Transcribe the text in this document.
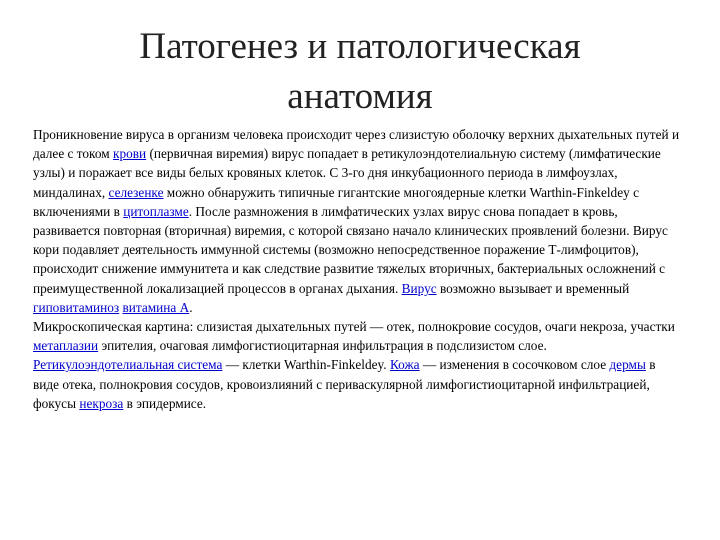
Патогенез и патологическая
анатомия

Проникновение вируса в организм человека происходит через слизистую оболочку верхних дыхательных путей и далее с током крови (первичная виремия) вирус попадает в ретикулоэндотелиальную систему (лимфатические узлы) и поражает все виды белых кровяных клеток. С 3-го дня инкубационного периода в лимфоузлах, миндалинах, селезенке можно обнаружить типичные гигантские многоядерные клетки Warthin-Finkeldey с включениями в цитоплазме. После размножения в лимфатических узлах вирус снова попадает в кровь, развивается повторная (вторичная) виремия, с которой связано начало клинических проявлений болезни. Вирус кори подавляет деятельность иммунной системы (возможно непосредственное поражение Т-лимфоцитов), происходит снижение иммунитета и как следствие развитие тяжелых вторичных, бактериальных осложнений с преимущественной локализацией процессов в органах дыхания. Вирус возможно вызывает и временный гиповитаминоз витамина А.

Микроскопическая картина: слизистая дыхательных путей — отек, полнокровие сосудов, очаги некроза, участки метаплазии эпителия, очаговая лимфогистиоцитарная инфильтрация в подслизистом слое. Ретикулоэндотелиальная система — клетки Warthin-Finkeldey. Кожа — изменения в сосочковом слое дермы в виде отека, полнокровия сосудов, кровоизлияний с периваскулярной лимфогистиоцитарной инфильтрацией, фокусы некроза в эпидермисе.
